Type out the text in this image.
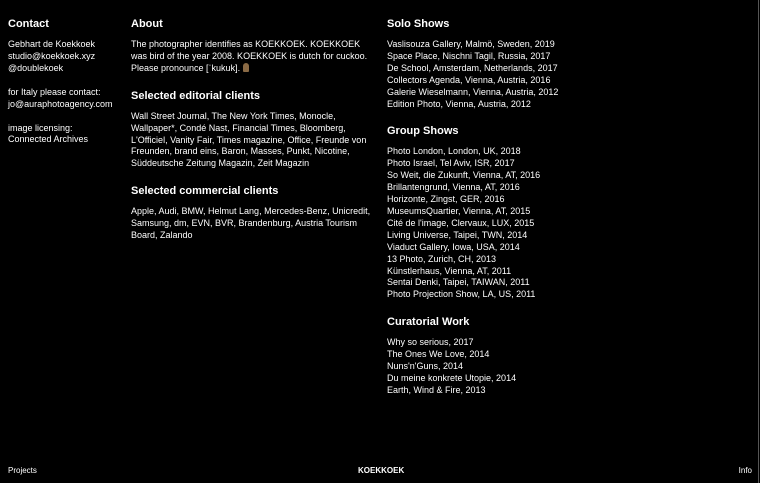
Contact

Gebhart de Koekkoek

studio@koekkoek.xyz

@doublekoek

for Italy please contact:

jo@auraphotoagency.com

image licensing:

Connected Archives

About

The photographer identifies as KOEKKOEK. KOEKKOEK was bird of the year 2008. KOEKKOEK is dutch for cuckoo. Please pronounce [ˈkukuk].

Selected editorial clients

Wall Street Journal, The New York Times, Monocle, Wallpaper*, Condé Nast, Financial Times, Bloomberg, L'Officiel, Vanity Fair, Times magazine, Office, Freunde von Freunden, brand eins, Baron, Masses, Punkt, Nicotine, Süddeutsche Zeitung Magazin, Zeit Magazin

Selected commercial clients

Apple, Audi, BMW, Helmut Lang, Mercedes-Benz, Unicredit, Samsung, dm, EVN, BVR, Brandenburg, Austria Tourism Board, Zalando

Solo Shows
Vaslisouza Gallery, Malmö, Sweden, 2019
Space Place, Nischni Tagil, Russia, 2017
De School, Amsterdam, Netherlands, 2017
Collectors Agenda, Vienna, Austria, 2016
Galerie Wieselmann, Vienna, Austria, 2012
Edition Photo, Vienna, Austria, 2012
Group Shows
Photo London, London, UK, 2018
Photo Israel, Tel Aviv, ISR, 2017
So Weit, die Zukunft, Vienna, AT, 2016
Brillantengrund, Vienna, AT, 2016
Horizonte, Zingst, GER, 2016
MuseumsQuartier, Vienna, AT, 2015
Cité de l'image, Clervaux, LUX, 2015
Living Universe, Taipei, TWN, 2014
Viaduct Gallery, Iowa, USA, 2014
13 Photo, Zurich, CH, 2013
Künstlerhaus, Vienna, AT, 2011
Sentai Denki, Taipei, TAIWAN, 2011
Photo Projection Show, LA, US, 2011
Curatorial Work
Why so serious, 2017
The Ones We Love, 2014
Nuns'n'Guns, 2014
Du meine konkrete Utopie, 2014
Earth, Wind & Fire, 2013
Projects	KOEKKOEK	Info
